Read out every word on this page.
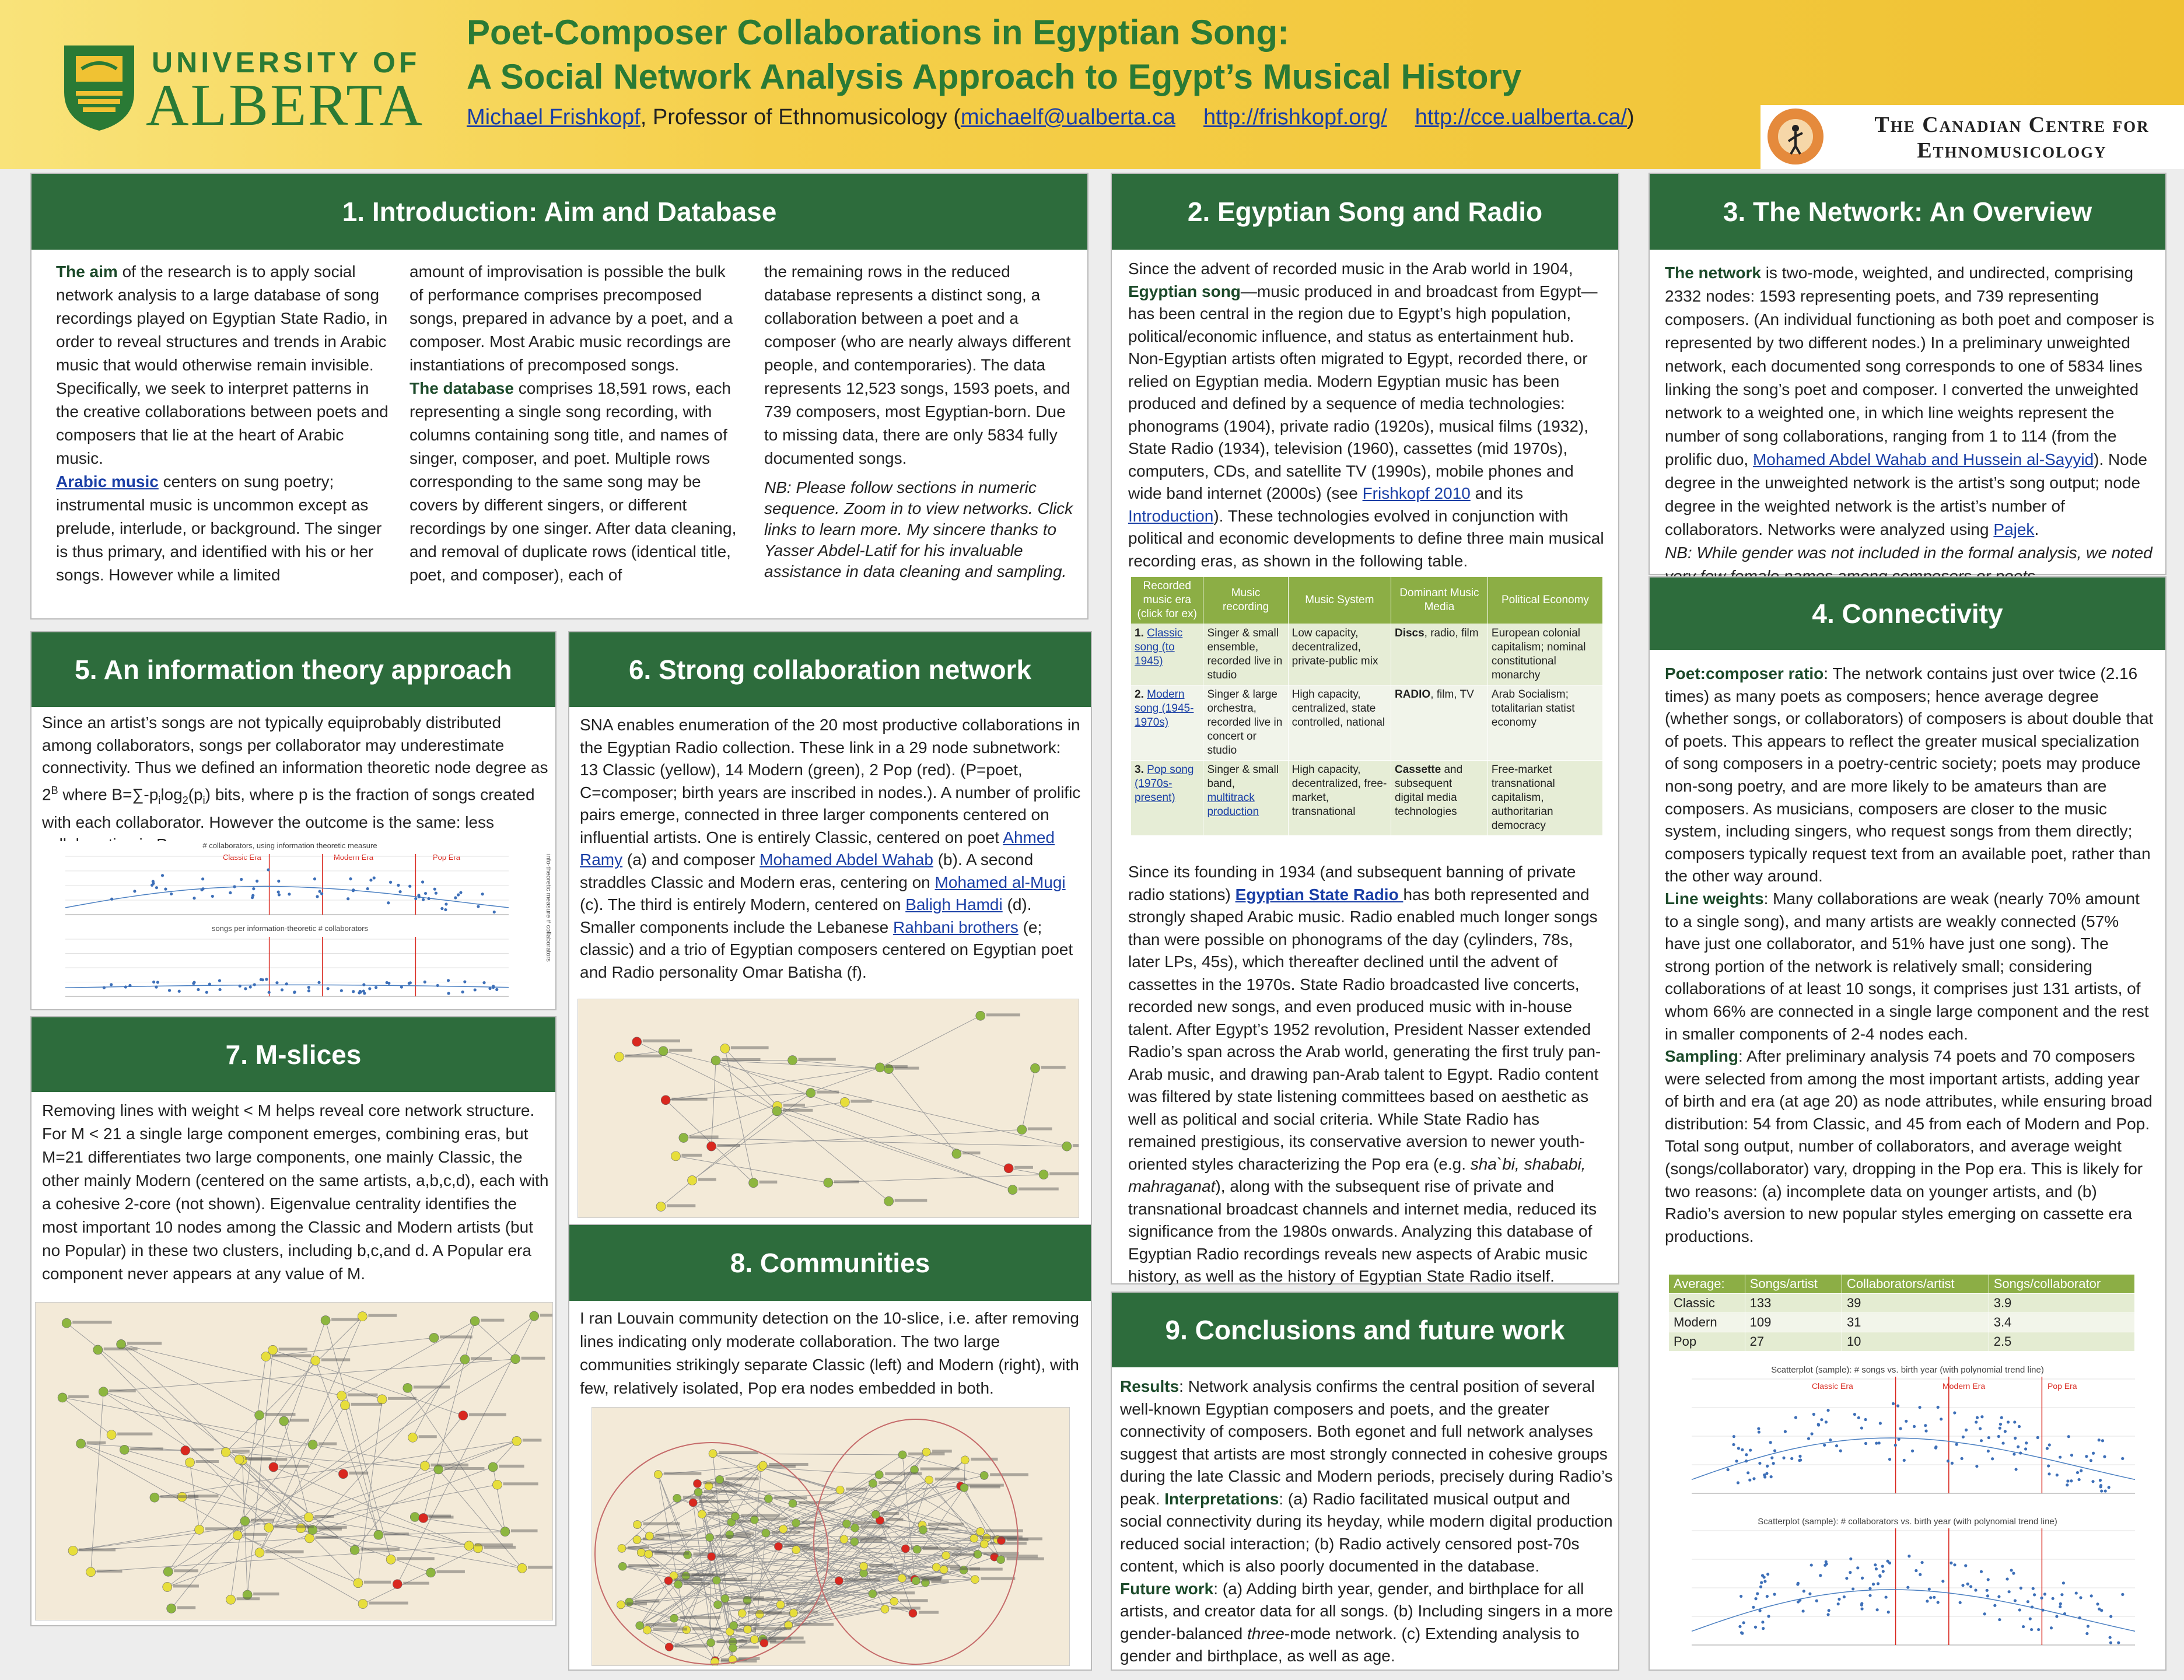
UNIVERSITY OF
ALBERTA
Poet-Composer Collaborations in Egyptian Song:
A Social Network Analysis Approach to Egypt’s Musical History
Michael Frishkopf, Professor of Ethnomusicology (michaelf@ualberta.ca http://frishkopf.org/ http://cce.ualberta.ca/)	The Canadian Centre for
Ethnomusicology
1. Introduction: Aim and Database
The aim of the research is to apply social network analysis to a large database of song recordings played on Egyptian State Radio, in order to reveal structures and trends in Arabic music that would otherwise remain invisible. Specifically, we seek to interpret patterns in the creative collaborations between poets and composers that lie at the heart of Arabic music.
Arabic music centers on sung poetry; instrumental music is uncommon except as prelude, interlude, or background. The singer is thus primary, and identified with his or her songs. However while a limited
amount of improvisation is possible the bulk of performance comprises precomposed songs, prepared in advance by a poet, and a composer. Most Arabic music recordings are instantiations of precomposed songs.
The database comprises 18,591 rows, each representing a single song recording, with columns containing song title, and names of singer, composer, and poet. Multiple rows corresponding to the same song may be covers by different singers, or different recordings by one singer. After data cleaning, and removal of duplicate rows (identical title, poet, and composer), each of
the remaining rows in the reduced database represents a distinct song, a collaboration between a poet and a composer (who are nearly always different people, and contemporaries). The data represents 12,523 songs, 1593 poets, and 739 composers, most Egyptian-born. Due to missing data, there are only 5834 fully documented songs.

NB: Please follow sections in numeric sequence. Zoom in to view networks. Click links to learn more. My sincere thanks to Yasser Abdel-Latif for his invaluable assistance in data cleaning and sampling.
2. Egyptian Song and Radio
Since the advent of recorded music in the Arab world in 1904, Egyptian song—music produced in and broadcast from Egypt—has been central in the region due to Egypt’s high population, political/economic influence, and status as entertainment hub. Non-Egyptian artists often migrated to Egypt, recorded there, or relied on Egyptian media. Modern Egyptian music has been produced and defined by a sequence of media technologies: phonograms (1904), private radio (1920s), musical films (1932), State Radio (1934), television (1960), cassettes (mid 1970s), computers, CDs, and satellite TV (1990s), mobile phones and wide band internet (2000s) (see Frishkopf 2010 and its Introduction). These technologies evolved in conjunction with political and economic developments to define three main musical recording eras, as shown in the following table.
Recorded music era (click for ex)	Music recording	Music System	Dominant Music Media	Political Economy
1. Classic song (to 1945)	Singer & small ensemble, recorded live in studio	Low capacity, decentralized, private-public mix	Discs, radio, film	European colonial capitalism; nominal constitutional monarchy
2. Modern song (1945-1970s)	Singer & large orchestra, recorded live in concert or studio	High capacity, centralized, state controlled, national	RADIO, film, TV	Arab Socialism; totalitarian statist economy
3. Pop song (1970s-present)	Singer & small band, multitrack production	High capacity, decentralized, free-market, transnational	Cassette and subsequent digital media technologies	Free-market transnational capitalism, authoritarian democracy
Since its founding in 1934 (and subsequent banning of private radio stations) Egyptian State Radio has both represented and strongly shaped Arabic music. Radio enabled much longer songs than were possible on phonograms of the day (cylinders, 78s, later LPs, 45s), which thereafter declined until the advent of cassettes in the 1970s. State Radio broadcasted live concerts, recorded new songs, and even produced music with in-house talent. After Egypt’s 1952 revolution, President Nasser extended Radio’s span across the Arab world, generating the first truly pan-Arab music, and drawing pan-Arab talent to Egypt. Radio content was filtered by state listening committees based on aesthetic as well as political and social criteria. While State Radio has remained prestigious, its conservative aversion to newer youth-oriented styles characterizing the Pop era (e.g. sha`bi, shababi, mahraganat), along with the subsequent rise of private and transnational broadcast channels and internet media, reduced its significance from the 1980s onwards. Analyzing this database of Egyptian Radio recordings reveals new aspects of Arabic music history, as well as the history of Egyptian State Radio itself.
3. The Network: An Overview
The network is two-mode, weighted, and undirected, comprising 2332 nodes: 1593 representing poets, and 739 representing composers. (An individual functioning as both poet and composer is represented by two different nodes.) In a preliminary unweighted network, each documented song corresponds to one of 5834 lines linking the song’s poet and composer. I converted the unweighted network to a weighted one, in which line weights represent the number of song collaborations, ranging from 1 to 114 (from the prolific duo, Mohamed Abdel Wahab and Hussein al-Sayyid). Node degree in the unweighted network is the artist’s song output; node degree in the weighted network is the artist’s number of collaborators. Networks were analyzed using Pajek.
NB: While gender was not included in the formal analysis, we noted
4. Connectivity
Poet:composer ratio: The network contains just over twice (2.16 times) as many poets as composers; hence average degree (whether songs, or collaborators) of composers is about double that of poets. This appears to reflect the greater musical specialization of song composers in a poetry-centric society; poets may produce non-song poetry, and are more likely to be amateurs than are composers. As musicians, composers are closer to the music system, including singers, who request songs from them directly; composers typically request text from an available poet, rather than the other way around.
Line weights: Many collaborations are weak (nearly 70% amount to a single song), and many artists are weakly connected (57% have just one collaborator, and 51% have just one song). The strong portion of the network is relatively small; considering collaborations of at least 10 songs, it comprises just 131 artists, of whom 66% are connected in a single large component and the rest in smaller components of 2-4 nodes each.
Sampling: After preliminary analysis 74 poets and 70 composers were selected from among the most important artists, adding year of birth and era (at age 20) as node attributes, while ensuring broad distribution: 54 from Classic, and 45 from each of Modern and Pop. Total song output, number of collaborators, and average weight (songs/collaborator) vary, dropping in the Pop era. This is likely for two reasons: (a) incomplete data on younger artists, and (b) Radio’s aversion to new popular styles emerging on cassette era productions.
Average:	Songs/artist	Collaborators/artist	Songs/collaborator
Classic	133	39	3.9
Modern	109	31	3.4
Pop	27	10	2.5
Scatterplot (sample): # songs vs. birth year (with polynomial trend line)
Classic Era	Modern Era	Pop Era
Scatterplot (sample): # collaborators vs. birth year (with polynomial trend line)
5. An information theory approach
Since an artist’s songs are not typically equiprobably distributed among collaborators, songs per collaborator may underestimate connectivity. Thus we defined an information theoretic node degree as $2^B$ where $B=\sum-p_i\log_2(p_i)$ bits, where p is the fraction of songs created with each collaborator. However the outcome is the same: less
# collaborators, using information theoretic measure
Classic Era	Modern Era	Pop Era
songs per information-theoretic # collaborators	info-theoretic measure # collaborators
6. Strong collaboration network
SNA enables enumeration of the 20 most productive collaborations in the Egyptian Radio collection. These link in a 29 node subnetwork: 13 Classic (yellow), 14 Modern (green), 2 Pop (red). (P=poet, C=composer; birth years are inscribed in nodes.). A number of prolific pairs emerge, connected in three larger components centered on influential artists. One is entirely Classic, centered on poet Ahmed Ramy (a) and composer Mohamed Abdel Wahab (b). A second straddles Classic and Modern eras, centering on Mohamed al-Mugi (c). The third is entirely Modern, centered on Baligh Hamdi (d). Smaller components include the Lebanese Rahbani brothers (e; classic) and a trio of Egyptian composers centered on Egyptian poet and Radio personality Omar Batisha (f).
7. M-slices
Removing lines with weight < M helps reveal core network structure. For M < 21 a single large component emerges, combining eras, but M=21 differentiates two large components, one mainly Classic, the other mainly Modern (centered on the same artists, a,b,c,d), each with a cohesive 2-core (not shown). Eigenvalue centrality identifies the most important 10 nodes among the Classic and Modern artists (but no Popular) in these two clusters, including b,c,and d. A Popular era component never appears at any value of M.	8. Communities
I ran Louvain community detection on the 10-slice, i.e. after removing lines indicating only moderate collaboration. The two large communities strikingly separate Classic (left) and Modern (right), with few, relatively isolated, Pop era nodes embedded in both.
9. Conclusions and future work
Results: Network analysis confirms the central position of several well-known Egyptian composers and poets, and the greater connectivity of composers. Both egonet and full network analyses suggest that artists are most strongly connected in cohesive groups during the late Classic and Modern periods, precisely during Radio’s peak. Interpretations: (a) Radio facilitated musical output and social connectivity during its heyday, while modern digital production reduced social interaction; (b) Radio actively censored post-70s content, which is also poorly documented in the database.
Future work: (a) Adding birth year, gender, and birthplace for all artists, and creator data for all songs. (b) Including singers in a more gender-balanced three-mode network. (c) Extending analysis to gender and birthplace, as well as age.
